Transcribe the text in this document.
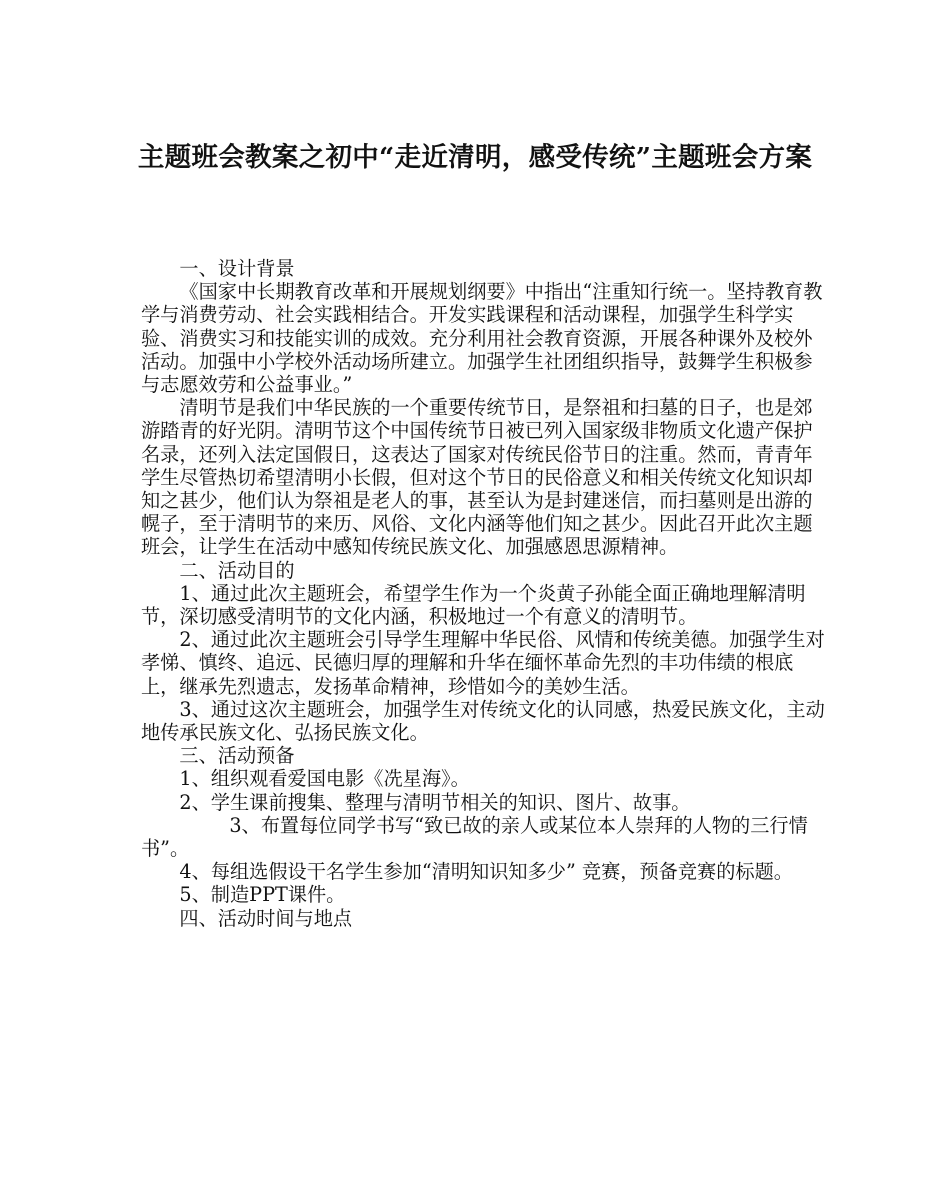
主题班会教案之初中“走近清明，感受传统”主题班会方案

一、设计背景

《国家中长期教育改革和开展规划纲要》中指出“注重知行统一。坚持教育教学与消费劳动、社会实践相结合。开发实践课程和活动课程，加强学生科学实验、消费实习和技能实训的成效。充分利用社会教育资源，开展各种课外及校外活动。加强中小学校外活动场所建立。加强学生社团组织指导，鼓舞学生积极参与志愿效劳和公益事业。”

清明节是我们中华民族的一个重要传统节日，是祭祖和扫墓的日子，也是郊游踏青的好光阴。清明节这个中国传统节日被已列入国家级非物质文化遗产保护名录，还列入法定国假日，这表达了国家对传统民俗节日的注重。然而，青青年学生尽管热切希望清明小长假，但对这个节日的民俗意义和相关传统文化知识却知之甚少，他们认为祭祖是老人的事，甚至认为是封建迷信，而扫墓则是出游的幌子，至于清明节的来历、风俗、文化内涵等他们知之甚少。因此召开此次主题班会，让学生在活动中感知传统民族文化、加强感恩思源精神。

二、活动目的

1、通过此次主题班会，希望学生作为一个炎黄子孙能全面正确地理解清明节，深切感受清明节的文化内涵，积极地过一个有意义的清明节。

2、通过此次主题班会引导学生理解中华民俗、风情和传统美德。加强学生对孝悌、慎终、追远、民德归厚的理解和升华在缅怀革命先烈的丰功伟绩的根底上，继承先烈遗志，发扬革命精神，珍惜如今的美妙生活。

3、通过这次主题班会，加强学生对传统文化的认同感，热爱民族文化，主动地传承民族文化、弘扬民族文化。

三、活动预备

1、组织观看爱国电影《冼星海》。

2、学生课前搜集、整理与清明节相关的知识、图片、故事。

3、布置每位同学书写“致已故的亲人或某位本人崇拜的人物的三行情书”。

4、每组选假设干名学生参加“清明知识知多少” 竞赛，预备竞赛的标题。

5、制造PPT课件。

四、活动时间与地点
